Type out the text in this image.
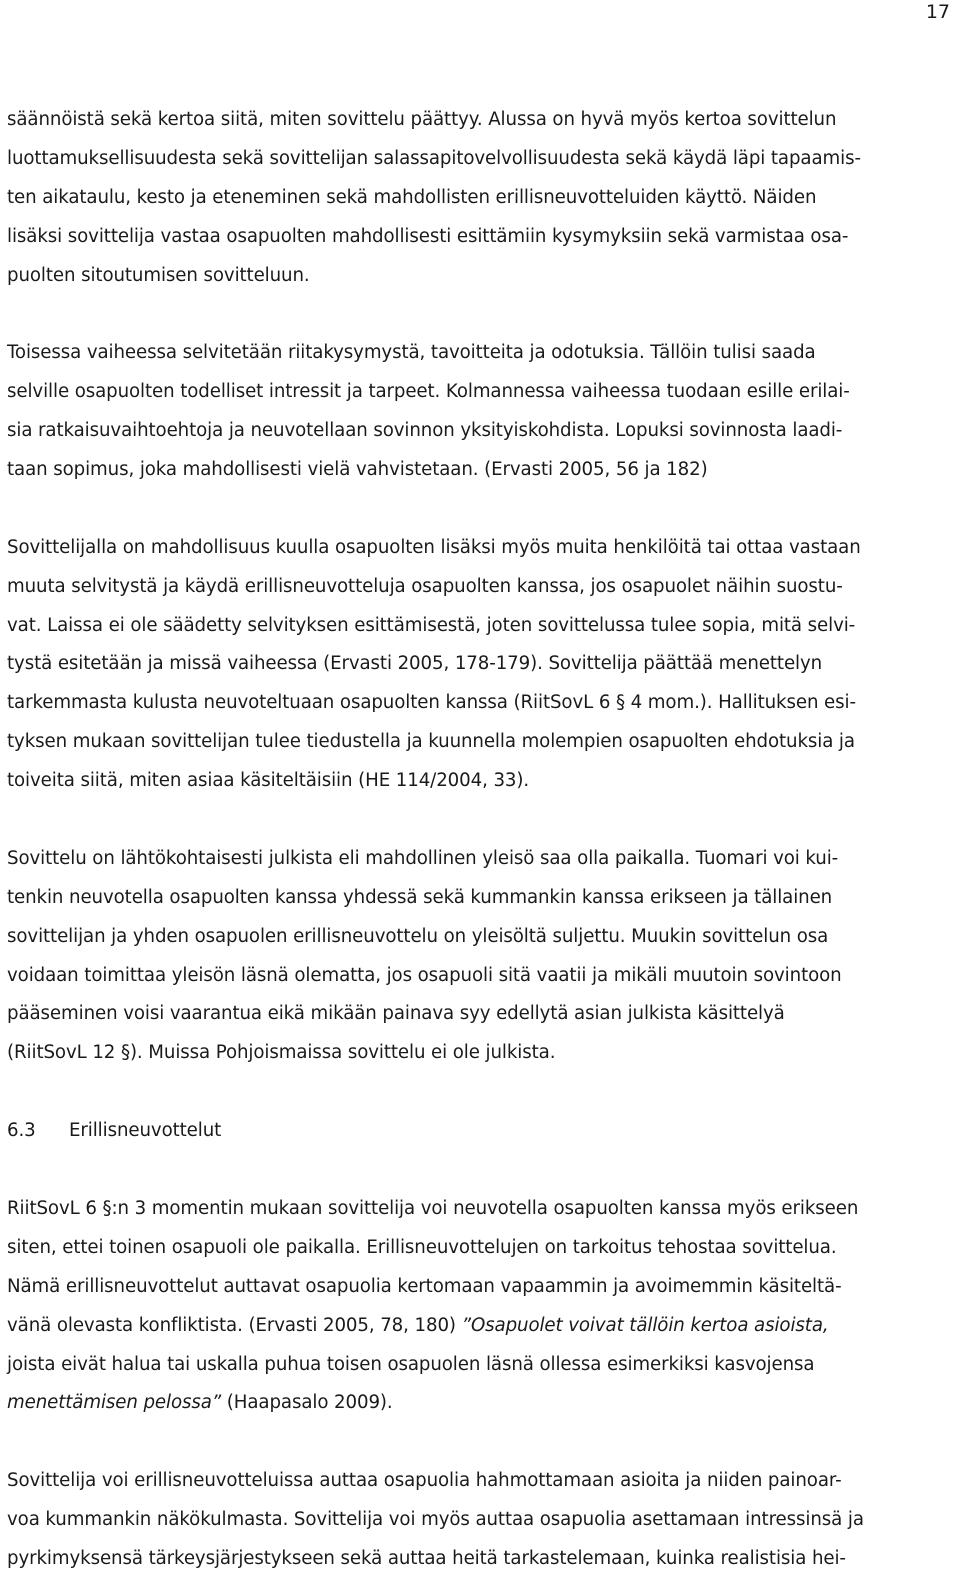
17
säännöistä sekä kertoa siitä, miten sovittelu päättyy. Alussa on hyvä myös kertoa sovittelun
luottamuksellisuudesta sekä sovittelijan salassapitovelvollisuudesta sekä käydä läpi tapaamis-
ten aikataulu, kesto ja eteneminen sekä mahdollisten erillisneuvotteluiden käyttö. Näiden
lisäksi sovittelija vastaa osapuolten mahdollisesti esittämiin kysymyksiin sekä varmistaa osa-
puolten sitoutumisen sovitteluun.
Toisessa vaiheessa selvitetään riitakysymystä, tavoitteita ja odotuksia. Tällöin tulisi saada
selville osapuolten todelliset intressit ja tarpeet. Kolmannessa vaiheessa tuodaan esille erilai-
sia ratkaisuvaihtoehtoja ja neuvotellaan sovinnon yksityiskohdista. Lopuksi sovinnosta laadi-
taan sopimus, joka mahdollisesti vielä vahvistetaan. (Ervasti 2005, 56 ja 182)
Sovittelijalla on mahdollisuus kuulla osapuolten lisäksi myös muita henkilöitä tai ottaa vastaan
muuta selvitystä ja käydä erillisneuvotteluja osapuolten kanssa, jos osapuolet näihin suostu-
vat. Laissa ei ole säädetty selvityksen esittämisestä, joten sovittelussa tulee sopia, mitä selvi-
tystä esitetään ja missä vaiheessa (Ervasti 2005, 178-179). Sovittelija päättää menettelyn
tarkemmasta kulusta neuvoteltuaan osapuolten kanssa (RiitSovL 6 § 4 mom.). Hallituksen esi-
tyksen mukaan sovittelijan tulee tiedustella ja kuunnella molempien osapuolten ehdotuksia ja
toiveita siitä, miten asiaa käsiteltäisiin (HE 114/2004, 33).
Sovittelu on lähtökohtaisesti julkista eli mahdollinen yleisö saa olla paikalla. Tuomari voi kui-
tenkin neuvotella osapuolten kanssa yhdessä sekä kummankin kanssa erikseen ja tällainen
sovittelijan ja yhden osapuolen erillisneuvottelu on yleisöltä suljettu. Muukin sovittelun osa
voidaan toimittaa yleisön läsnä olematta, jos osapuoli sitä vaatii ja mikäli muutoin sovintoon
pääseminen voisi vaarantua eikä mikään painava syy edellytä asian julkista käsittelyä
(RiitSovL 12 §). Muissa Pohjoismaissa sovittelu ei ole julkista.
6.3 Erillisneuvottelut
RiitSovL 6 §:n 3 momentin mukaan sovittelija voi neuvotella osapuolten kanssa myös erikseen
siten, ettei toinen osapuoli ole paikalla. Erillisneuvottelujen on tarkoitus tehostaa sovittelua.
Nämä erillisneuvottelut auttavat osapuolia kertomaan vapaammin ja avoimemmin käsiteltä-
vänä olevasta konfliktista. (Ervasti 2005, 78, 180) ”Osapuolet voivat tällöin kertoa asioista,
joista eivät halua tai uskalla puhua toisen osapuolen läsnä ollessa esimerkiksi kasvojensa
menettämisen pelossa” (Haapasalo 2009).
Sovittelija voi erillisneuvotteluissa auttaa osapuolia hahmottamaan asioita ja niiden painoar-
voa kummankin näkökulmasta. Sovittelija voi myös auttaa osapuolia asettamaan intressinsä ja
pyrkimyksensä tärkeysjärjestykseen sekä auttaa heitä tarkastelemaan, kuinka realistisia hei-
